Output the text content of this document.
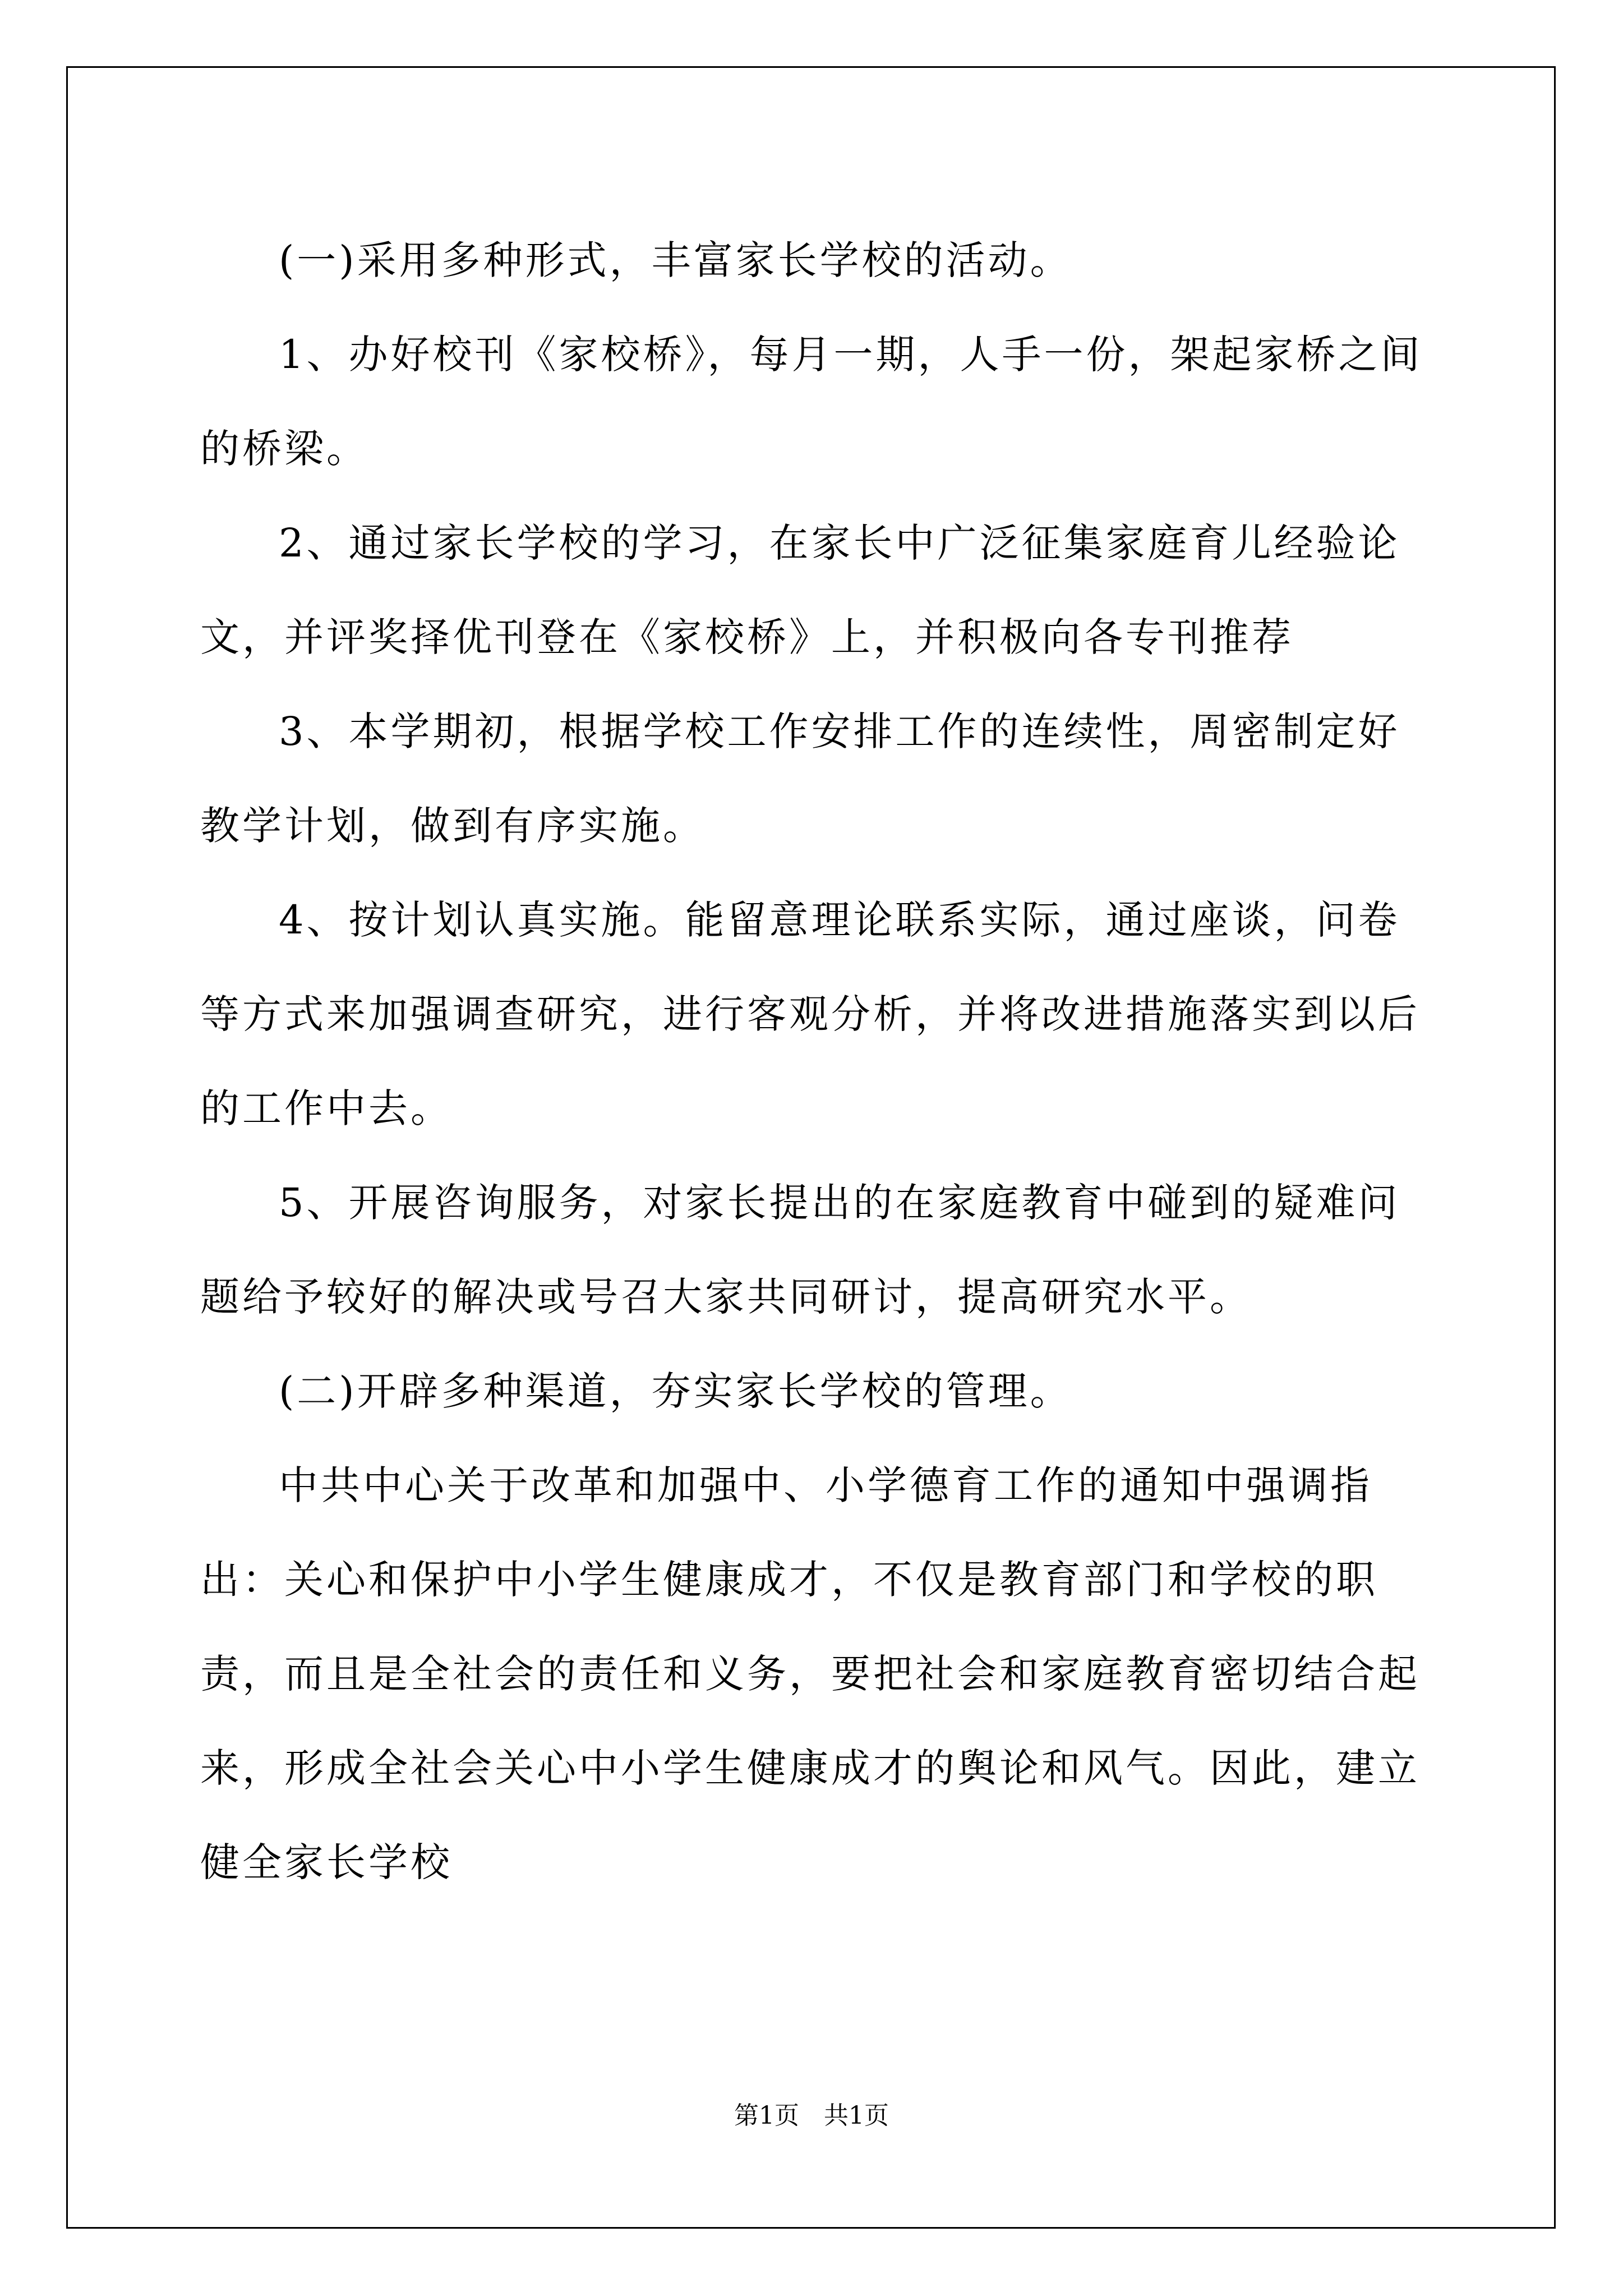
(一)采用多种形式，丰富家长学校的活动。

1、办好校刊《家校桥》，每月一期，人手一份，架起家桥之间的桥梁。

2、通过家长学校的学习，在家长中广泛征集家庭育儿经验论文，并评奖择优刊登在《家校桥》上，并积极向各专刊推荐

3、本学期初，根据学校工作安排工作的连续性，周密制定好教学计划，做到有序实施。

4、按计划认真实施。能留意理论联系实际，通过座谈，问卷等方式来加强调查研究，进行客观分析，并将改进措施落实到以后的工作中去。

5、开展咨询服务，对家长提出的在家庭教育中碰到的疑难问题给予较好的解决或号召大家共同研讨，提高研究水平。

(二)开辟多种渠道，夯实家长学校的管理。

中共中心关于改革和加强中、小学德育工作的通知中强调指出：关心和保护中小学生健康成才，不仅是教育部门和学校的职责，而且是全社会的责任和义务，要把社会和家庭教育密切结合起来，形成全社会关心中小学生健康成才的舆论和风气。因此，建立健全家长学校

第1页 共1页
